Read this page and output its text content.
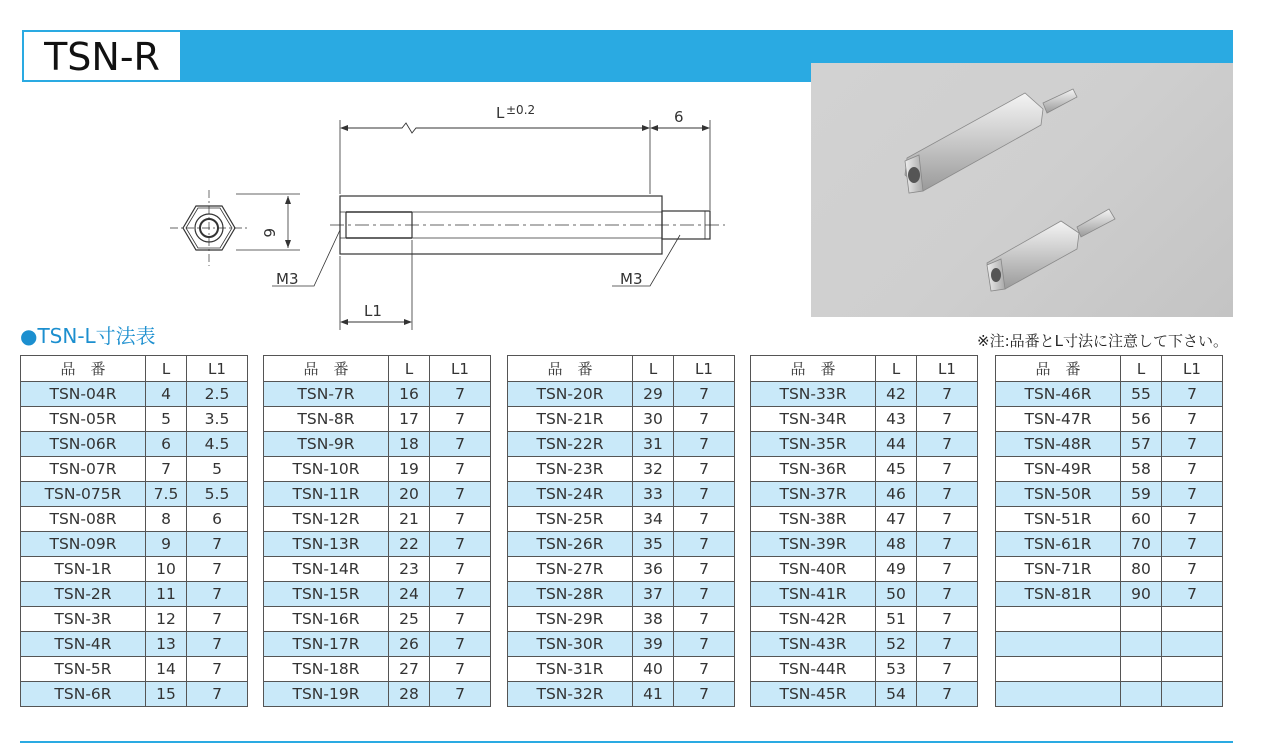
TSN-R
L ±0.2	6
6
M3	M3
L1
●TSN-L寸法表	※注:品番とL寸法に注意して下さい。
品　番	L	L1
TSN-04R	4	2.5
TSN-05R	5	3.5
TSN-06R	6	4.5
TSN-07R	7	5
TSN-075R	7.5	5.5
TSN-08R	8	6
TSN-09R	9	7
TSN-1R	10	7
TSN-2R	11	7
TSN-3R	12	7
TSN-4R	13	7
TSN-5R	14	7
TSN-6R	15	7
品　番	L	L1
TSN-7R	16	7
TSN-8R	17	7
TSN-9R	18	7
TSN-10R	19	7
TSN-11R	20	7
TSN-12R	21	7
TSN-13R	22	7
TSN-14R	23	7
TSN-15R	24	7
TSN-16R	25	7
TSN-17R	26	7
TSN-18R	27	7
TSN-19R	28	7
品　番	L	L1
TSN-20R	29	7
TSN-21R	30	7
TSN-22R	31	7
TSN-23R	32	7
TSN-24R	33	7
TSN-25R	34	7
TSN-26R	35	7
TSN-27R	36	7
TSN-28R	37	7
TSN-29R	38	7
TSN-30R	39	7
TSN-31R	40	7
TSN-32R	41	7
品　番	L	L1
TSN-33R	42	7
TSN-34R	43	7
TSN-35R	44	7
TSN-36R	45	7
TSN-37R	46	7
TSN-38R	47	7
TSN-39R	48	7
TSN-40R	49	7
TSN-41R	50	7
TSN-42R	51	7
TSN-43R	52	7
TSN-44R	53	7
TSN-45R	54	7
品　番	L	L1
TSN-46R	55	7
TSN-47R	56	7
TSN-48R	57	7
TSN-49R	58	7
TSN-50R	59	7
TSN-51R	60	7
TSN-61R	70	7
TSN-71R	80	7
TSN-81R	90	7
